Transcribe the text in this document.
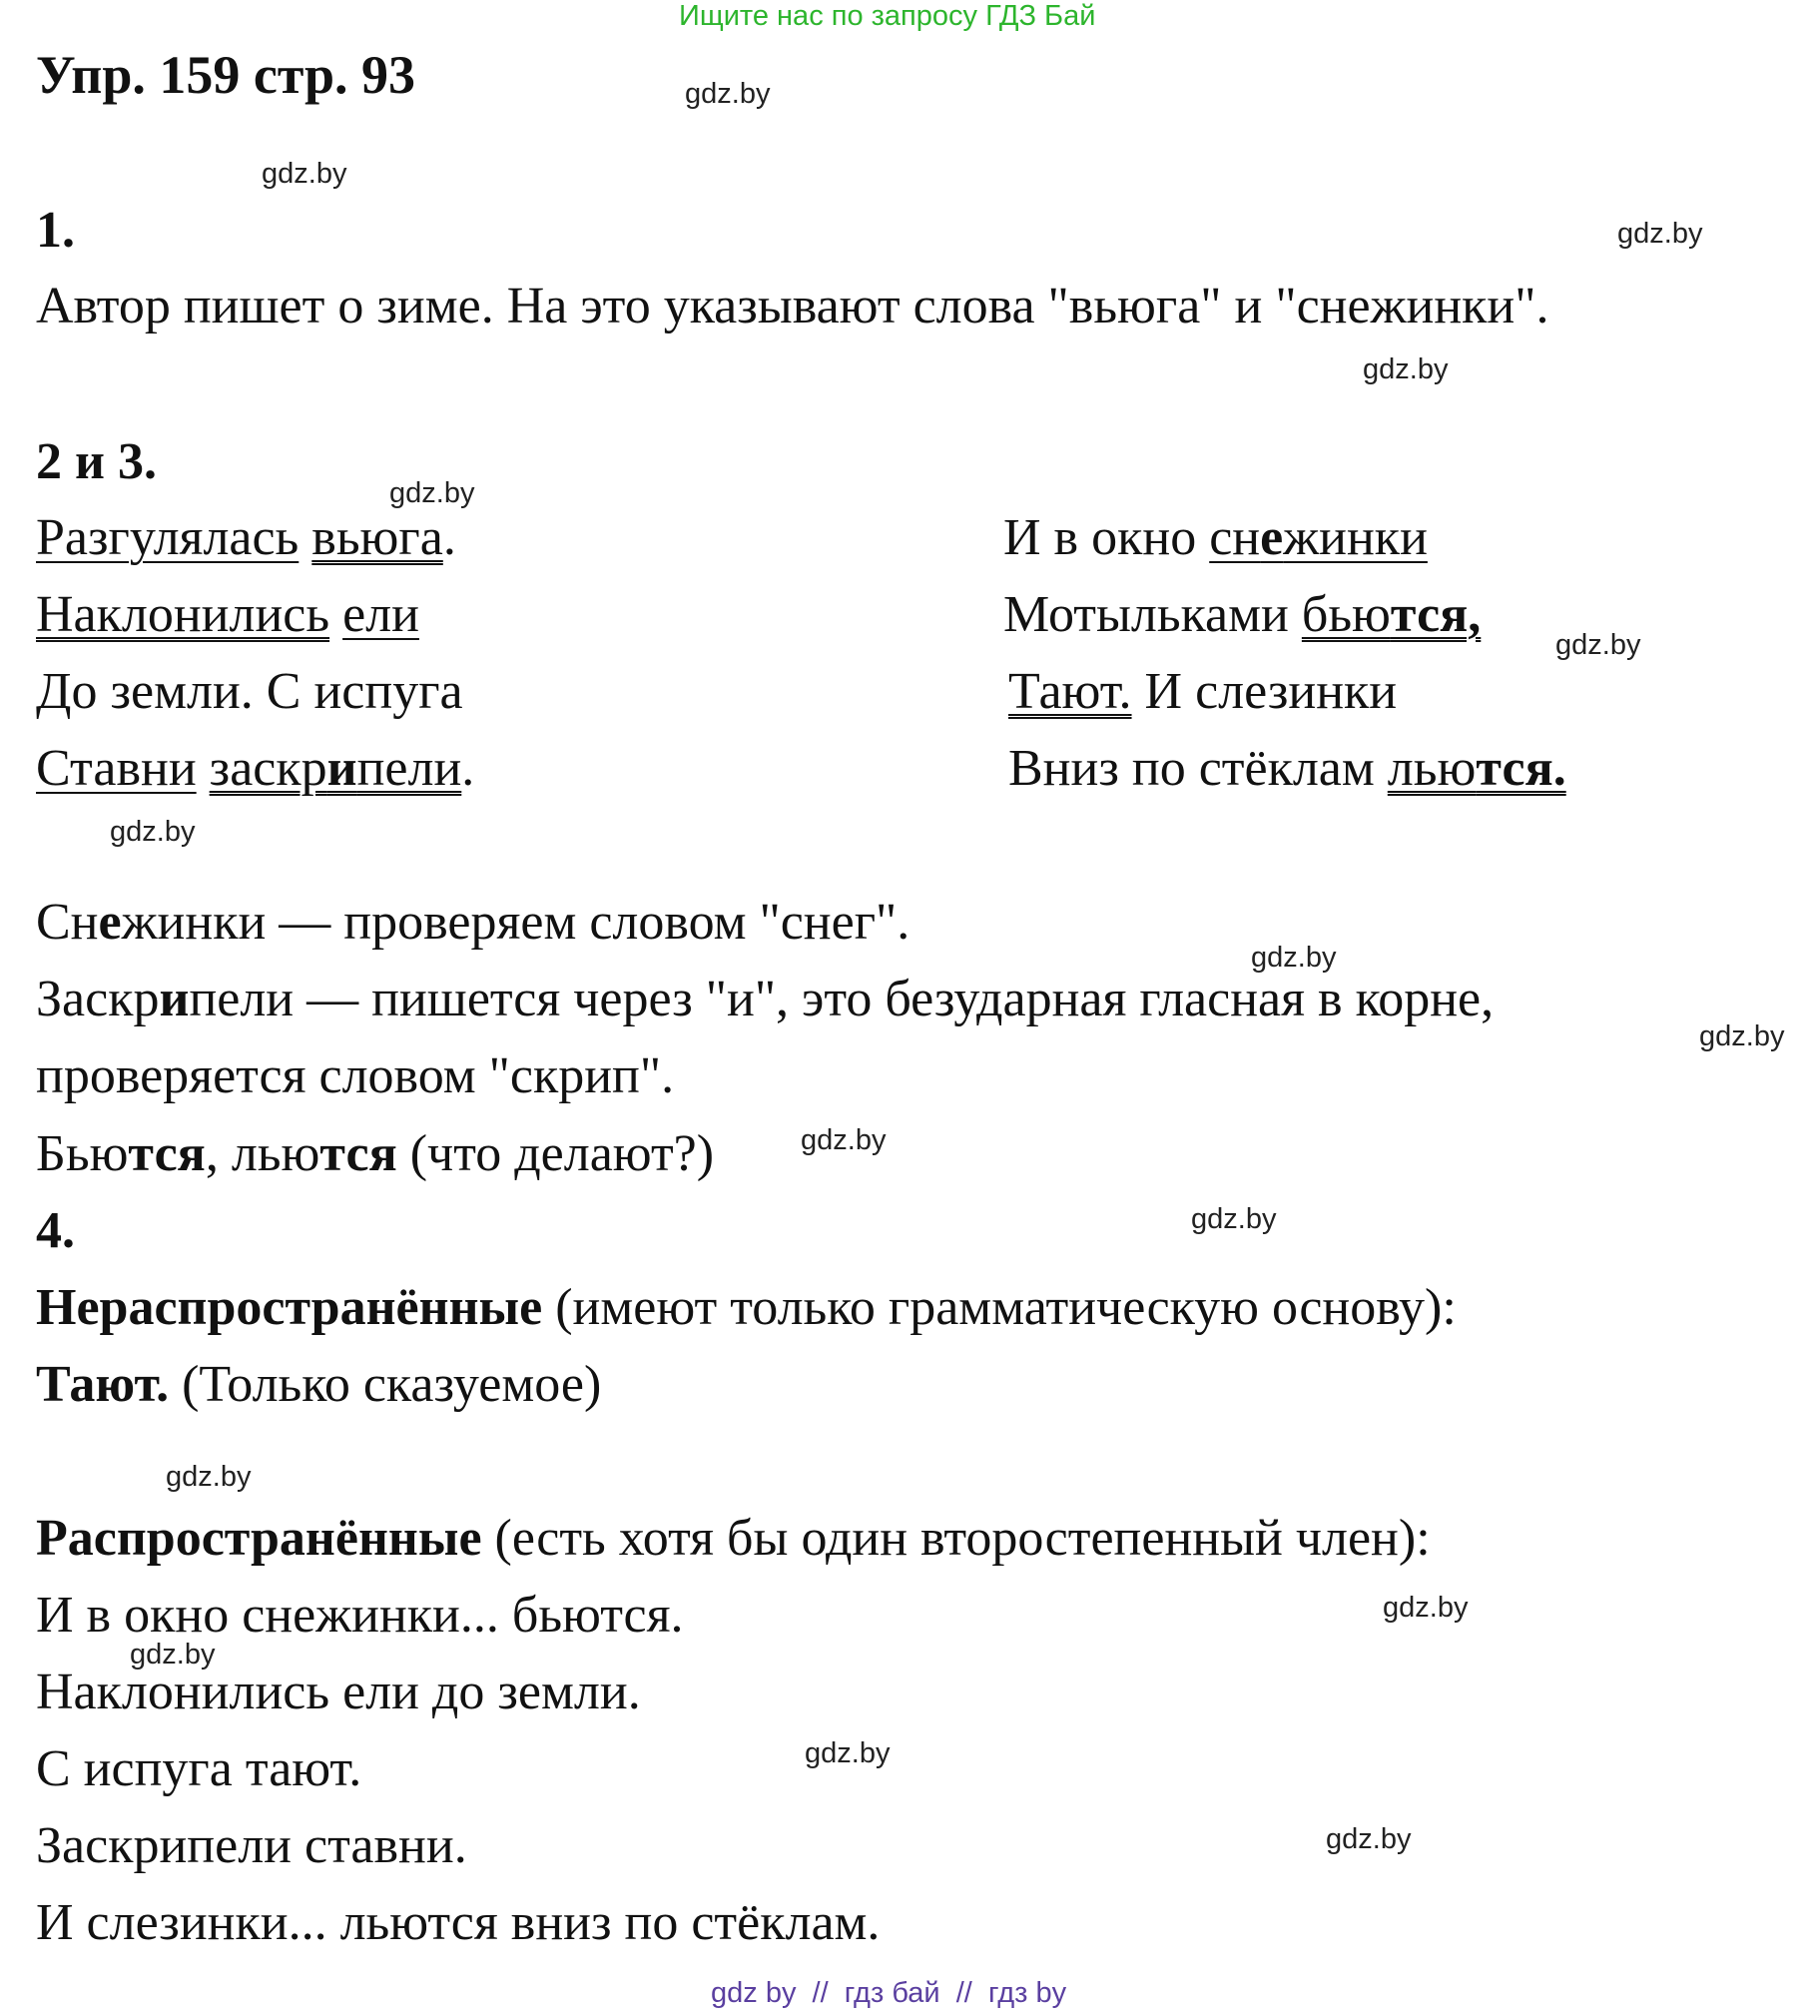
Ищите нас по запросу ГДЗ Бай
Упр. 159 стр. 93	gdz.by
gdz.by
gdz.by
gdz.by
gdz.by
gdz.by
gdz.by
gdz.by
gdz.by
gdz.by
gdz.by
gdz.by
gdz.by
gdz.by
gdz.by
gdz.by
1.
Автор пишет о зиме. На это указывают слова "вьюга" и "снежинки".
2 и 3.
Разгулялась вьюга.
Наклонились ели
До земли. С испуга
Ставни заскрипели.
И в окно снежинки
Мотыльками бьются,
Тают. И слезинки
Вниз по стёклам льются.
Снежинки — проверяем словом "снег".
Заскрипели — пишется через "и", это безударная гласная в корне,
проверяется словом "скрип".
Бьются, льются (что делают?)
4.
Нераспространённые (имеют только грамматическую основу):
Тают. (Только сказуемое)
Распространённые (есть хотя бы один второстепенный член):
И в окно снежинки... бьются.
Наклонились ели до земли.
С испуга тают.
Заскрипели ставни.
И слезинки... льются вниз по стёклам.
gdz by  //  гдз бай  //  гдз by
